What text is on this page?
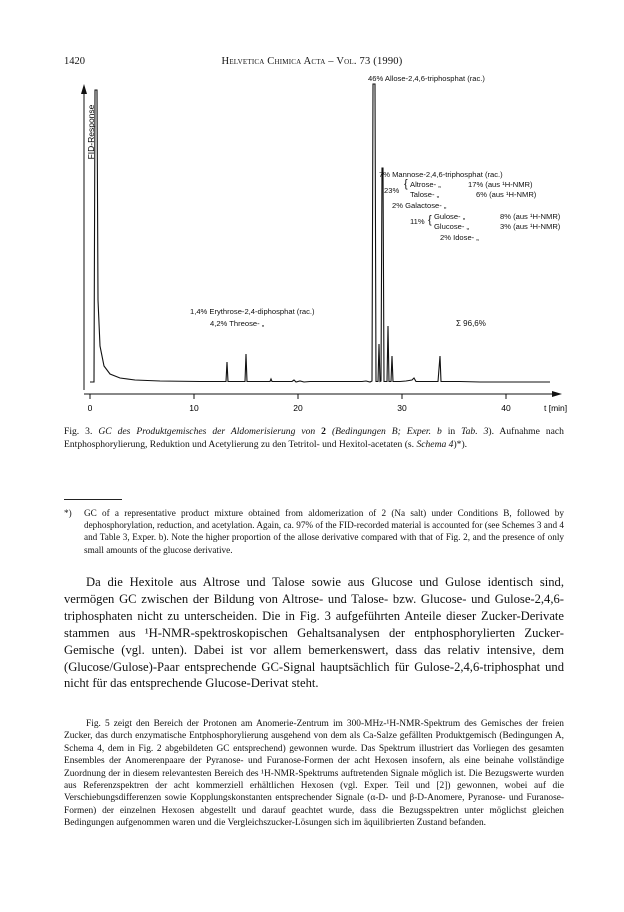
1420	Helvetica Chimica Acta – Vol. 73 (1990)
0	10	20	30	40
FID-Response
t [min]
46% Allose-2,4,6-triphosphat (rac.)
7% Mannose-2,4,6-triphosphat (rac.)
23%
{ Altrose- „	17% (aus ¹H-NMR)
Talose- „	6% (aus ¹H-NMR)
2% Galactose- „
11% { Gulose- „	8% (aus ¹H-NMR)
Glucose- „	3% (aus ¹H-NMR)
2% Idose- „
1,4% Erythrose-2,4-diphosphat (rac.)
4,2% Threose- „	Σ 96,6%
Fig. 3. GC des Produktgemisches der Aldomerisierung von 2 (Bedingungen B; Exper. b in Tab. 3). Aufnahme nach Entphosphorylierung, Reduktion und Acetylierung zu den Tetritol- und Hexitol-acetaten (s. Schema 4)*).
*) GC of a representative product mixture obtained from aldomerization of 2 (Na salt) under Conditions B, followed by dephosphorylation, reduction, and acetylation. Again, ca. 97% of the FID-recorded material is accounted for (see Schemes 3 and 4 and Table 3, Exper. b). Note the higher proportion of the allose derivative compared with that of Fig. 2, and the presence of only small amounts of the glucose derivative.

Da die Hexitole aus Altrose und Talose sowie aus Glucose und Gulose identisch sind, vermögen GC zwischen der Bildung von Altrose- und Talose- bzw. Glucose- und Gulose-2,4,6-triphosphaten nicht zu unterscheiden. Die in Fig. 3 aufgeführten Anteile dieser Zucker-Derivate stammen aus ¹H-NMR-spektroskopischen Gehaltsanalysen der entphosphorylierten Zucker-Gemische (vgl. unten). Dabei ist vor allem bemerkenswert, dass das relativ intensive, dem (Glucose/Gulose)-Paar entsprechende GC-Signal hauptsächlich für Gulose-2,4,6-triphosphat und nicht für das entsprechende Glucose-Derivat steht.

Fig. 5 zeigt den Bereich der Protonen am Anomerie-Zentrum im 300-MHz-¹H-NMR-Spektrum des Gemisches der freien Zucker, das durch enzymatische Entphosphorylierung ausgehend von dem als Ca-Salze gefällten Produktgemisch (Bedingungen A, Schema 4, dem in Fig. 2 abgebildeten GC entsprechend) gewonnen wurde. Das Spektrum illustriert das Vorliegen des gesamten Ensembles der Anomerenpaare der Pyranose- und Furanose-Formen der acht Hexosen insofern, als eine beinahe vollständige Zuordnung der in diesem relevantesten Bereich des ¹H-NMR-Spektrums auftretenden Signale möglich ist. Die Bezugswerte wurden aus Referenzspektren der acht kommerziell erhältlichen Hexosen (vgl. Exper. Teil und [2]) gewonnen, wobei auf die Verschiebungsdifferenzen sowie Kopplungskonstanten entsprechender Signale (α-D- und β-D-Anomere, Pyranose- und Furanose-Formen) der einzelnen Hexosen abgestellt und darauf geachtet wurde, dass die Bezugsspektren unter möglichst gleichen Bedingungen aufgenommen waren und die Vergleichszucker-Lösungen sich im äquilibrierten Zustand befanden.
